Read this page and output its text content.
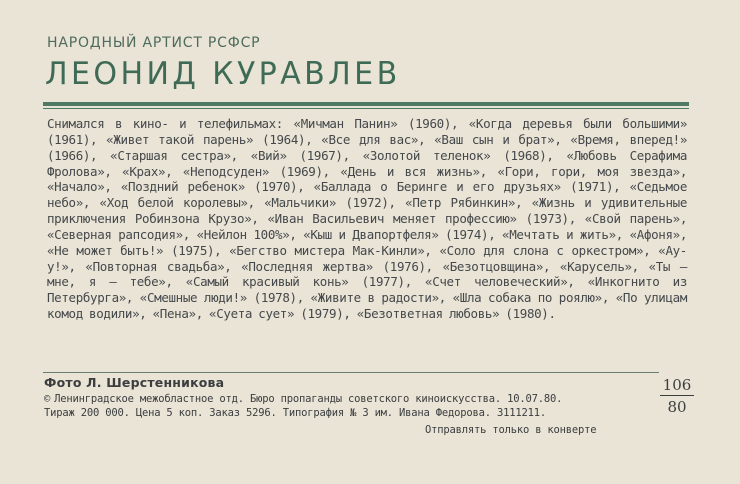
НАРОДНЫЙ АРТИСТ РСФСР
ЛЕОНИД КУРАВЛЕВ
Снимался в кино- и телефильмах: «Мичман Панин» (1960), «Когда деревья были большими» (1961), «Живет такой парень» (1964), «Все для вас», «Ваш сын и брат», «Время, вперед!» (1966), «Старшая сестра», «Вий» (1967), «Золотой теленок» (1968), «Любовь Серафима Фролова», «Крах», «Неподсуден» (1969), «День и вся жизнь», «Гори, гори, моя звезда», «Начало», «Поздний ребенок» (1970), «Баллада о Беринге и его друзьях» (1971), «Седьмое небо», «Ход белой королевы», «Мальчики» (1972), «Петр Рябинкин», «Жизнь и удивительные приключения Робинзона Крузо», «Иван Васильевич меняет профессию» (1973), «Свой парень», «Северная рапсодия», «Нейлон 100%», «Кыш и Двапортфеля» (1974), «Мечтать и жить», «Афоня», «Не может быть!» (1975), «Бегство мистера Мак-Кинли», «Соло для слона с оркестром», «Ау-у!», «Повторная свадьба», «Последняя жертва» (1976), «Безотцовщина», «Карусель», «Ты — мне, я — тебе», «Самый красивый конь» (1977), «Счет человеческий», «Инкогнито из Петербурга», «Смешные люди!» (1978), «Живите в радости», «Шла собака по роялю», «По улицам комод водили», «Пена», «Суета сует» (1979), «Безответная любовь» (1980).
Фото Л. Шерстенникова
© Ленинградское межобластное отд. Бюро пропаганды советского киноискусства. 10.07.80.
Тираж 200 000. Цена 5 коп. Заказ 5296. Типография № 3 им. Ивана Федорова. 3111211.
Отправлять только в конверте
106
80
